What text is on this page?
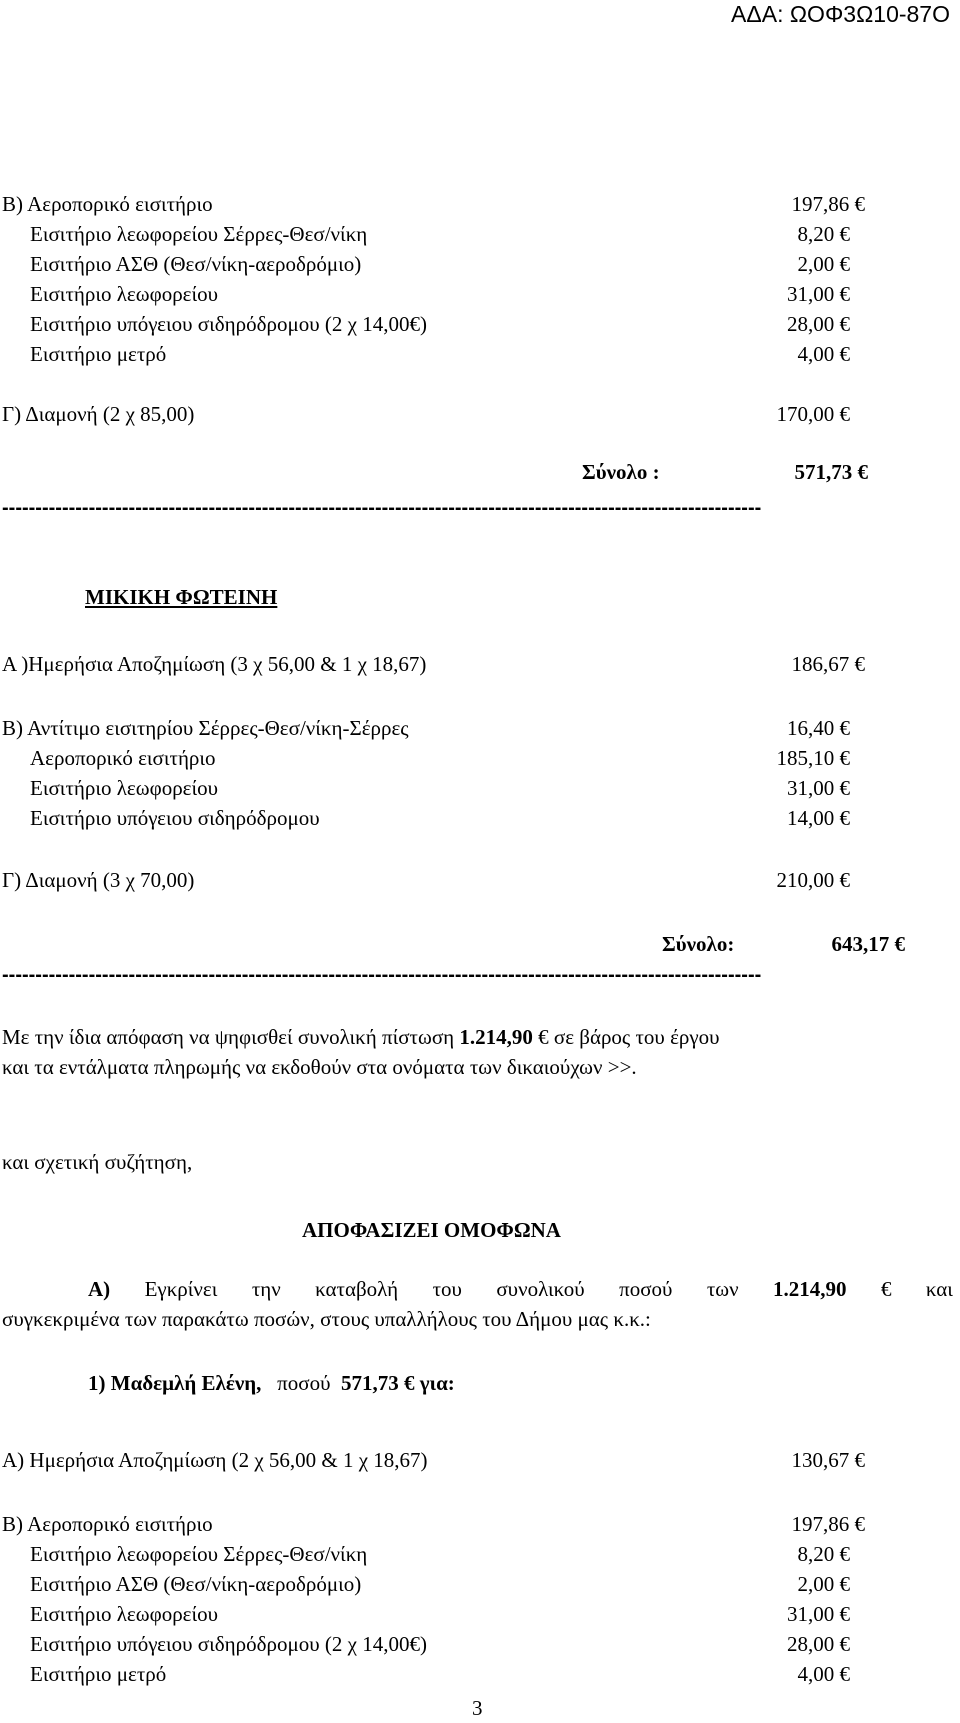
ΑΔΑ: ΩΟΦ3Ω10-87Ο
Β) Αεροπορικό εισιτήριο	197,86 €
Εισιτήριο λεωφορείου Σέρρες-Θεσ/νίκη	8,20 €
Εισιτήριο ΑΣΘ (Θεσ/νίκη-αεροδρόμιο)	2,00 €
Εισιτήριο λεωφορείου	31,00 €
Εισιτήριο υπόγειου σιδηρόδρομου (2 χ 14,00€)	28,00 €
Εισιτήριο μετρό	4,00 €
Γ) Διαμονή (2 χ 85,00)	170,00 €
Σύνολο :	571,73 €
------------------------------------------------------------------------------------------------------------------
ΜΙΚΙΚΗ ΦΩΤΕΙΝΗ
Α )Ημερήσια Αποζημίωση (3 χ 56,00 & 1 χ 18,67)	186,67 €
Β) Αντίτιμο εισιτηρίου Σέρρες-Θεσ/νίκη-Σέρρες	16,40 €
Αεροπορικό εισιτήριο	185,10 €
Εισιτήριο λεωφορείου	31,00 €
Εισιτήριο υπόγειου σιδηρόδρομου	14,00 €
Γ) Διαμονή (3 χ 70,00)	210,00 €
Σύνολο:	643,17 €
------------------------------------------------------------------------------------------------------------------
Με την ίδια απόφαση να ψηφισθεί συνολική πίστωση 1.214,90 € σε βάρος του έργου
και τα εντάλματα πληρωμής να εκδοθούν στα ονόματα των δικαιούχων >>.
και σχετική συζήτηση,
ΑΠΟΦΑΣΙΖΕΙ ΟΜΟΦΩΝΑ
Α) Εγκρίνει την καταβολή του συνολικού ποσού των 1.214,90 € και
συγκεκριμένα των παρακάτω ποσών, στους υπαλλήλους του Δήμου μας κ.κ.:
1) Μαδεμλή Ελένη, ποσού 571,73 € για:
Α) Ημερήσια Αποζημίωση (2 χ 56,00 & 1 χ 18,67)	130,67 €
Β) Αεροπορικό εισιτήριο	197,86 €
Εισιτήριο λεωφορείου Σέρρες-Θεσ/νίκη	8,20 €
Εισιτήριο ΑΣΘ (Θεσ/νίκη-αεροδρόμιο)	2,00 €
Εισιτήριο λεωφορείου	31,00 €
Εισιτήριο υπόγειου σιδηρόδρομου (2 χ 14,00€)	28,00 €
Εισιτήριο μετρό	4,00 €
3
